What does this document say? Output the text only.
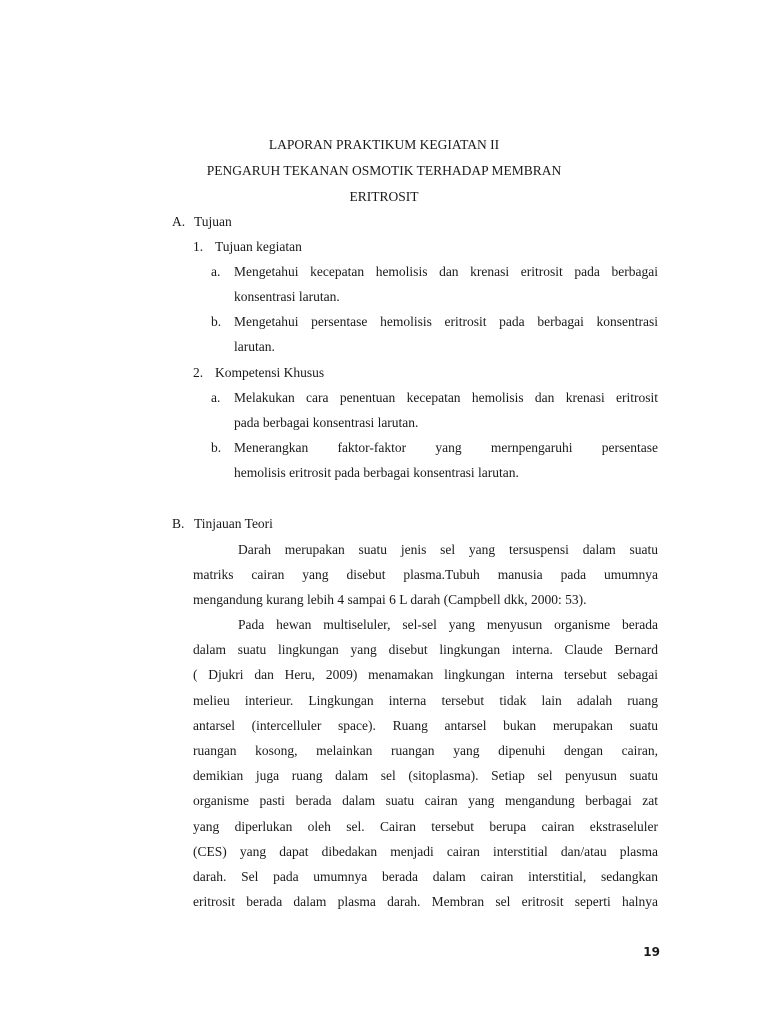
LAPORAN PRAKTIKUM KEGIATAN II
PENGARUH TEKANAN OSMOTIK TERHADAP MEMBRAN
ERITROSIT
A. Tujuan
1. Tujuan kegiatan
a. Mengetahui kecepatan hemolisis dan krenasi eritrosit pada berbagai
konsentrasi larutan.
b. Mengetahui persentase hemolisis eritrosit pada berbagai konsentrasi
larutan.
2. Kompetensi Khusus
a. Melakukan cara penentuan kecepatan hemolisis dan krenasi eritrosit
pada berbagai konsentrasi larutan.
b. Menerangkan faktor-faktor yang mernpengaruhi persentase
hemolisis eritrosit pada berbagai konsentrasi larutan.
B. Tinjauan Teori
Darah merupakan suatu jenis sel yang tersuspensi dalam suatu
matriks cairan yang disebut plasma.Tubuh manusia pada umumnya
mengandung kurang lebih 4 sampai 6 L darah (Campbell dkk, 2000: 53).
Pada hewan multiseluler, sel-sel yang menyusun organisme berada
dalam suatu lingkungan yang disebut lingkungan interna. Claude Bernard
( Djukri dan Heru, 2009) menamakan lingkungan interna tersebut sebagai
melieu interieur. Lingkungan interna tersebut tidak lain adalah ruang
antarsel (intercelluler space). Ruang antarsel bukan merupakan suatu
ruangan kosong, melainkan ruangan yang dipenuhi dengan cairan,
demikian juga ruang dalam sel (sitoplasma). Setiap sel penyusun suatu
organisme pasti berada dalam suatu cairan yang mengandung berbagai zat
yang diperlukan oleh sel. Cairan tersebut berupa cairan ekstraseluler
(CES) yang dapat dibedakan menjadi cairan interstitial dan/atau plasma
darah. Sel pada umumnya berada dalam cairan interstitial, sedangkan
eritrosit berada dalam plasma darah. Membran sel eritrosit seperti halnya
19
